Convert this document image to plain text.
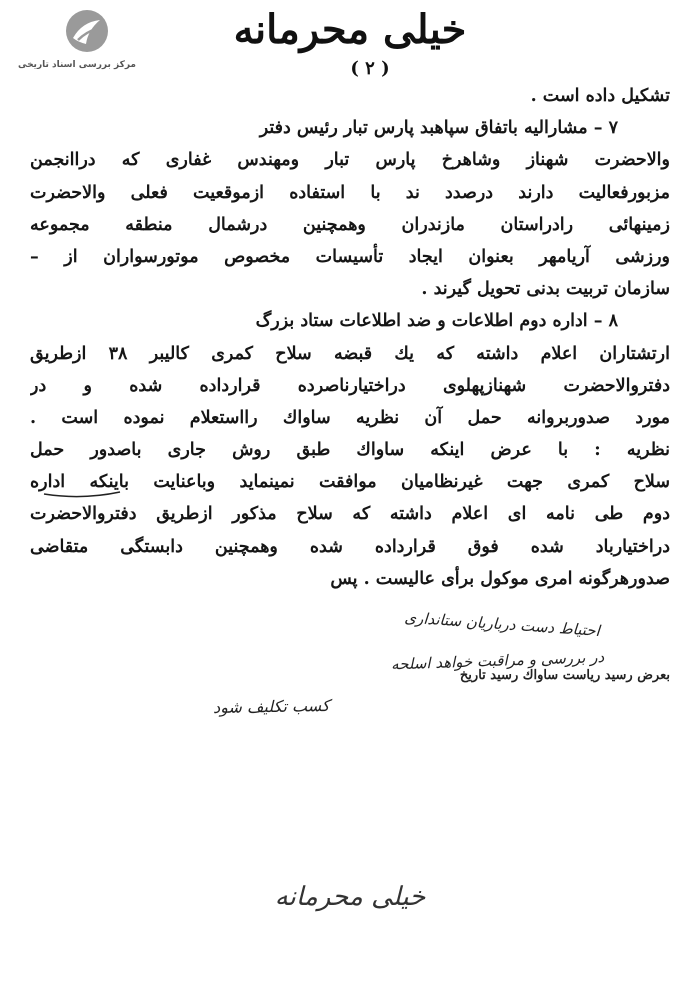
مرکز بررسی اسناد تاریخی
خیلی محرمانه
( ۲ )
تشکیل داده است .
۷ – مشارالیه باتفاق سپاهبد پارس تبار رئیس دفتر
والاحضرت شهناز وشاهرخ پارس تبار ومهندس غفاری که دراانجمن
مزبورفعالیت دارند درصدد ند با استفاده ازموقعیت فعلی والاحضرت
زمینهائی رادراستان مازندران وهمچنین درشمال منطقه مجموعه
ورزشی آریامهر بعنوان ایجاد تأسیسات مخصوص موتورسواران از –
سازمان تربیت بدنی تحویل گیرند .
۸ – اداره دوم اطلاعات و ضد اطلاعات ستاد بزرگ
ارتشتاران اعلام داشته که یك قبضه سلاح کمری کالیبر ۳۸ ازطریق
دفتروالاحضرت شهنازپهلوی دراختیارناصرده قرارداده شده و در
مورد صدوربروانه حمل آن نظریه ساواك رااستعلام نموده است .
نظریه : با عرض اینکه ساواك طبق روش جاری باصدور حمل
سلاح کمری جهت غیرنظامیان موافقت نمینماید وباعنایت باینکه اداره
دوم طی نامه ای اعلام داشته که سلاح مذکور ازطریق دفتروالاحضرت
دراختیارباد شده فوق قرارداده شده وهمچنین دابستگی متقاضی
صدورهرگونه امری موکول برأی عالیست . پس
احتیاط دست درباریان ستانداری
در بررسی و مراقبت خواهد اسلحه
بعرض رسید ریاست ساواك رسید تاریخ
کسب تکلیف شود
خیلی محرمانه
